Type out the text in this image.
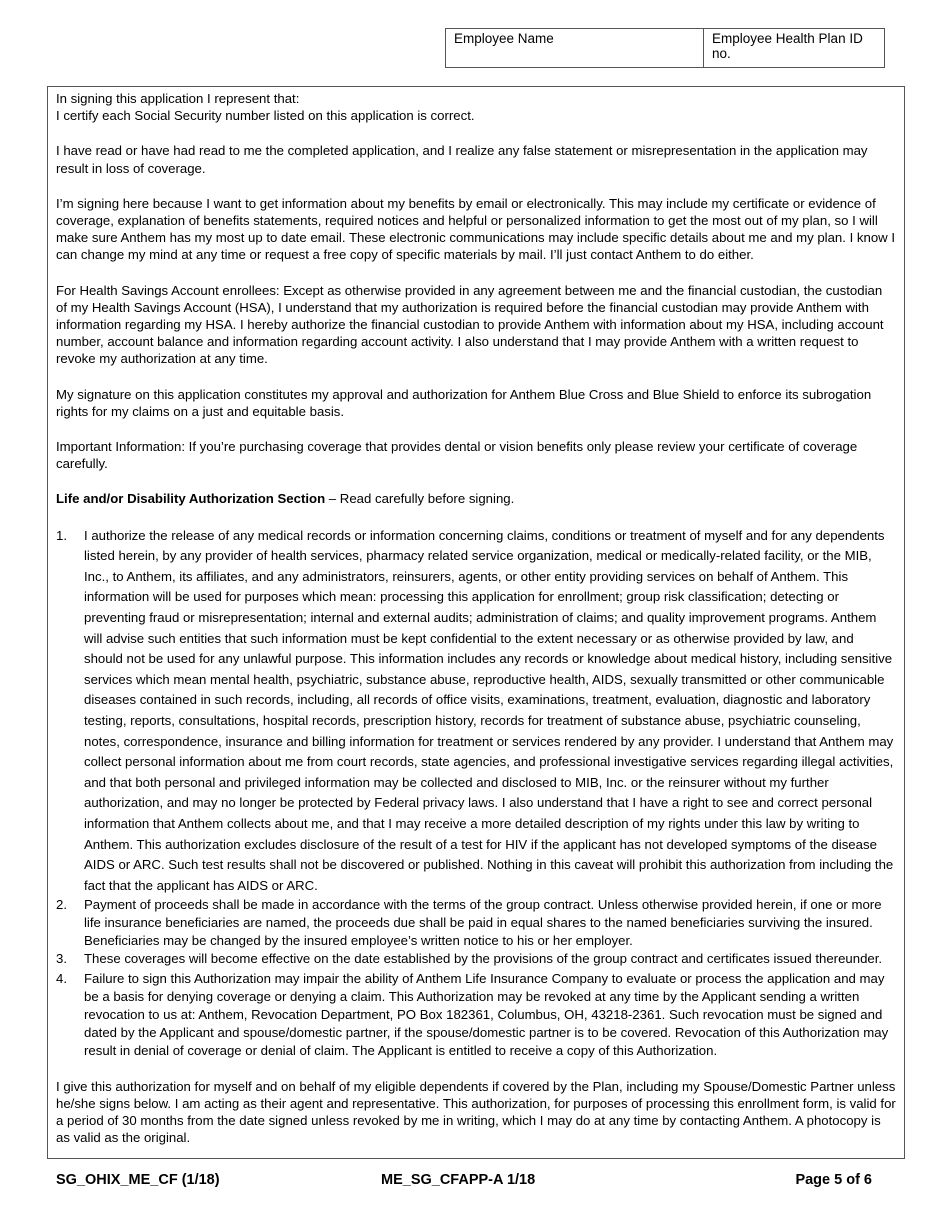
Employee Name	Employee Health Plan ID no.

In signing this application I represent that:

I certify each Social Security number listed on this application is correct.

I have read or have had read to me the completed application, and I realize any false statement or misrepresentation in the application may result in loss of coverage.

I’m signing here because I want to get information about my benefits by email or electronically. This may include my certificate or evidence of coverage, explanation of benefits statements, required notices and helpful or personalized information to get the most out of my plan, so I will make sure Anthem has my most up to date email. These electronic communications may include specific details about me and my plan. I know I can change my mind at any time or request a free copy of specific materials by mail. I’ll just contact Anthem to do either.

For Health Savings Account enrollees: Except as otherwise provided in any agreement between me and the financial custodian, the custodian of my Health Savings Account (HSA), I understand that my authorization is required before the financial custodian may provide Anthem with information regarding my HSA. I hereby authorize the financial custodian to provide Anthem with information about my HSA, including account number, account balance and information regarding account activity. I also understand that I may provide Anthem with a written request to revoke my authorization at any time.

My signature on this application constitutes my approval and authorization for Anthem Blue Cross and Blue Shield to enforce its subrogation rights for my claims on a just and equitable basis.

Important Information: If you’re purchasing coverage that provides dental or vision benefits only please review your certificate of coverage carefully.

Life and/or Disability Authorization Section – Read carefully before signing.

1.	I authorize the release of any medical records or information concerning claims, conditions or treatment of myself and for any dependents listed herein, by any provider of health services, pharmacy related service organization, medical or medically-related facility, or the MIB, Inc., to Anthem, its affiliates, and any administrators, reinsurers, agents, or other entity providing services on behalf of Anthem. This information will be used for purposes which mean: processing this application for enrollment; group risk classification; detecting or preventing fraud or misrepresentation; internal and external audits; administration of claims; and quality improvement programs. Anthem will advise such entities that such information must be kept confidential to the extent necessary or as otherwise provided by law, and should not be used for any unlawful purpose. This information includes any records or knowledge about medical history, including sensitive services which mean mental health, psychiatric, substance abuse, reproductive health, AIDS, sexually transmitted or other communicable diseases contained in such records, including, all records of office visits, examinations, treatment, evaluation, diagnostic and laboratory testing, reports, consultations, hospital records, prescription history, records for treatment of substance abuse, psychiatric counseling, notes, correspondence, insurance and billing information for treatment or services rendered by any provider. I understand that Anthem may collect personal information about me from court records, state agencies, and professional investigative services regarding illegal activities, and that both personal and privileged information may be collected and disclosed to MIB, Inc. or the reinsurer without my further authorization, and may no longer be protected by Federal privacy laws. I also understand that I have a right to see and correct personal information that Anthem collects about me, and that I may receive a more detailed description of my rights under this law by writing to Anthem. This authorization excludes disclosure of the result of a test for HIV if the applicant has not developed symptoms of the disease AIDS or ARC. Such test results shall not be discovered or published. Nothing in this caveat will prohibit this authorization from including the fact that the applicant has AIDS or ARC.
2.	Payment of proceeds shall be made in accordance with the terms of the group contract. Unless otherwise provided herein, if one or more life insurance beneficiaries are named, the proceeds due shall be paid in equal shares to the named beneficiaries surviving the insured. Beneficiaries may be changed by the insured employee’s written notice to his or her employer.
3.	These coverages will become effective on the date established by the provisions of the group contract and certificates issued thereunder.
4.	Failure to sign this Authorization may impair the ability of Anthem Life Insurance Company to evaluate or process the application and may be a basis for denying coverage or denying a claim. This Authorization may be revoked at any time by the Applicant sending a written revocation to us at: Anthem, Revocation Department, PO Box 182361, Columbus, OH, 43218-2361. Such revocation must be signed and dated by the Applicant and spouse/domestic partner, if the spouse/domestic partner is to be covered. Revocation of this Authorization may result in denial of coverage or denial of claim. The Applicant is entitled to receive a copy of this Authorization.

I give this authorization for myself and on behalf of my eligible dependents if covered by the Plan, including my Spouse/Domestic Partner unless he/she signs below. I am acting as their agent and representative. This authorization, for purposes of processing this enrollment form, is valid for a period of 30 months from the date signed unless revoked by me in writing, which I may do at any time by contacting Anthem. A photocopy is as valid as the original.

SG_OHIX_ME_CF (1/18)	ME_SG_CFAPP-A 1/18	Page 5 of 6
